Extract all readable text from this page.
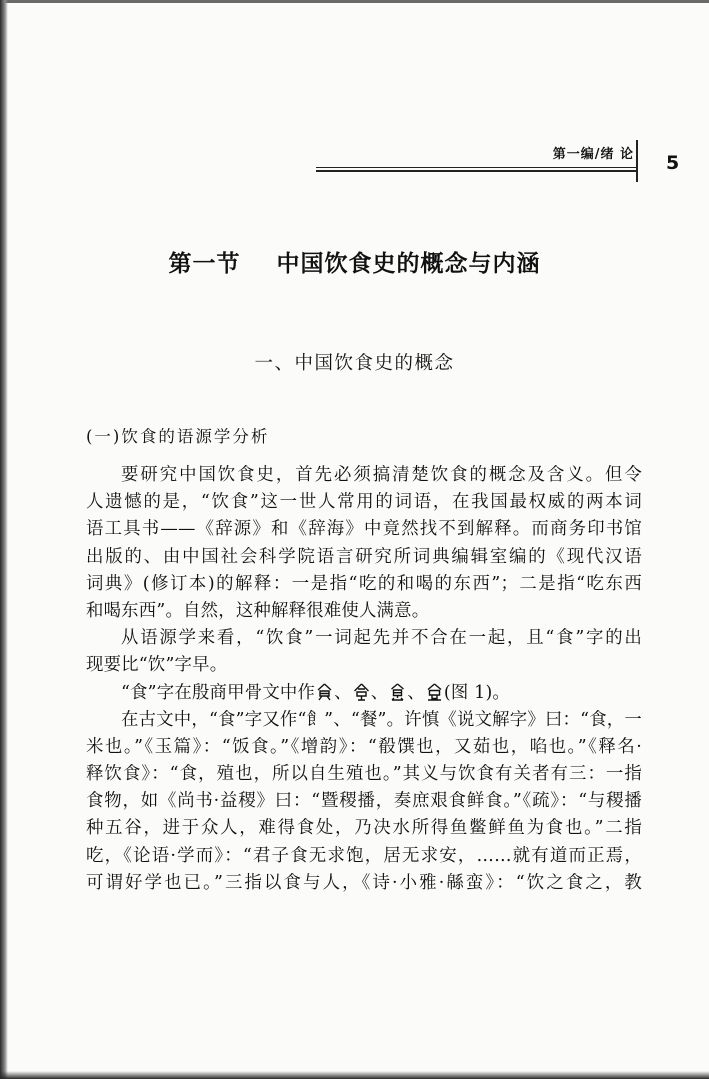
第一编/绪 论 5
第一节    中国饮食史的概念与内涵
一、中国饮食史的概念
(一)饮食的语源学分析
要研究中国饮食史，首先必须搞清楚饮食的概念及含义。但令
人遗憾的是，“饮食”这一世人常用的词语，在我国最权威的两本词
语工具书——《辞源》和《辞海》中竟然找不到解释。而商务印书馆
出版的、由中国社会科学院语言研究所词典编辑室编的《现代汉语
词典》(修订本)的解释：一是指“吃的和喝的东西”；二是指“吃东西
和喝东西”。自然，这种解释很难使人满意。
从语源学来看，“饮食”一词起先并不合在一起，且“食”字的出
现要比“饮”字早。
“食”字在殷商甲骨文中作 、 、 、 (图 1)。
在古文中，“食”字又作“飠”、“餐”。许慎《说文解字》曰：“食，一
米也。”《玉篇》：“饭食。”《增韵》：“殽馔也，又茹也，啗也。”《释名·
释饮食》：“食，殖也，所以自生殖也。”其义与饮食有关者有三：一指
食物，如《尚书·益稷》曰：“暨稷播，奏庶艰食鲜食。”《疏》：“与稷播
种五谷，进于众人，难得食处，乃决水所得鱼鳖鲜鱼为食也。”二指
吃，《论语·学而》：“君子食无求饱，居无求安，……就有道而正焉，
可谓好学也已。”三指以食与人，《诗·小雅·緜蛮》：“饮之食之，教
